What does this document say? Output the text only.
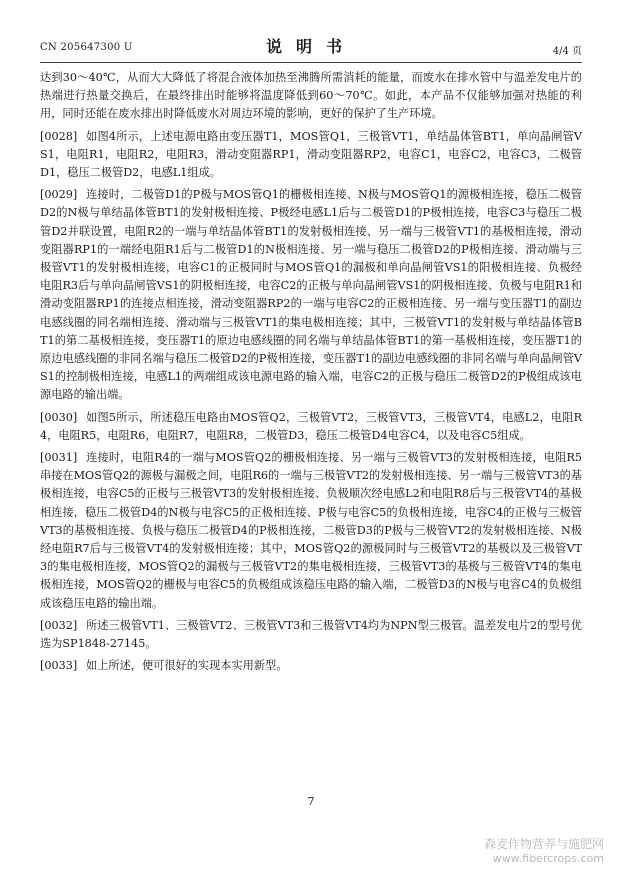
CN 205647300 U	说明书	4/4 页

达到30～40℃，从而大大降低了将混合液体加热至沸腾所需消耗的能量，而废水在排水管中与温差发电片的热端进行热量交换后，在最终排出时能够将温度降低到60～70℃。如此，本产品不仅能够加强对热能的利用，同时还能在废水排出时降低废水对周边环境的影响，更好的保护了生产环境。

[0028] 如图4所示，上述电源电路由变压器T1，MOS管Q1，三极管VT1，单结晶体管BT1，单向晶闸管VS1，电阻R1，电阻R2，电阻R3，滑动变阻器RP1，滑动变阻器RP2，电容C1，电容C2，电容C3，二极管D1，稳压二极管D2，电感L1组成。

[0029] 连接时，二极管D1的P极与MOS管Q1的栅极相连接、N极与MOS管Q1的源极相连接，稳压二极管D2的N极与单结晶体管BT1的发射极相连接、P极经电感L1后与二极管D1的P极相连接，电容C3与稳压二极管D2并联设置，电阻R2的一端与单结晶体管BT1的发射极相连接、另一端与三极管VT1的基极相连接，滑动变阻器RP1的一端经电阻R1后与二极管D1的N极相连接、另一端与稳压二极管D2的P极相连接、滑动端与三极管VT1的发射极相连接，电容C1的正极同时与MOS管Q1的漏极和单向晶闸管VS1的阳极相连接、负极经电阻R3后与单向晶闸管VS1的阴极相连接，电容C2的正极与单向晶闸管VS1的阴极相连接、负极与电阻R1和滑动变阻器RP1的连接点相连接，滑动变阻器RP2的一端与电容C2的正极相连接、另一端与变压器T1的副边电感线圈的同名端相连接、滑动端与三极管VT1的集电极相连接；其中，三极管VT1的发射极与单结晶体管BT1的第二基极相连接，变压器T1的原边电感线圈的同名端与单结晶体管BT1的第一基极相连接，变压器T1的原边电感线圈的非同名端与稳压二极管D2的P极相连接，变压器T1的副边电感线圈的非同名端与单向晶闸管VS1的控制极相连接，电感L1的两端组成该电源电路的输入端，电容C2的正极与稳压二极管D2的P极组成该电源电路的输出端。

[0030] 如图5所示，所述稳压电路由MOS管Q2，三极管VT2，三极管VT3，三极管VT4，电感L2，电阻R4，电阻R5，电阻R6，电阻R7，电阻R8，二极管D3，稳压二极管D4电容C4，以及电容C5组成。

[0031] 连接时，电阻R4的一端与MOS管Q2的栅极相连接、另一端与三极管VT3的发射极相连接，电阻R5串接在MOS管Q2的源极与漏极之间，电阻R6的一端与三极管VT2的发射极相连接、另一端与三极管VT3的基极相连接，电容C5的正极与三极管VT3的发射极相连接、负极顺次经电感L2和电阻R8后与三极管VT4的基极相连接，稳压二极管D4的N极与电容C5的正极相连接、P极与电容C5的负极相连接，电容C4的正极与三极管VT3的基极相连接、负极与稳压二极管D4的P极相连接，二极管D3的P极与三极管VT2的发射极相连接、N极经电阻R7后与三极管VT4的发射极相连接；其中，MOS管Q2的源极同时与三极管VT2的基极以及三极管VT3的集电极相连接，MOS管Q2的漏极与三极管VT2的集电极相连接，三极管VT3的基极与三极管VT4的集电极相连接，MOS管Q2的栅极与电容C5的负极组成该稳压电路的输入端，二极管D3的N极与电容C4的负极组成该稳压电路的输出端。

[0032] 所述三极管VT1、三极管VT2、三极管VT3和三极管VT4均为NPN型三极管。温差发电片2的型号优选为SP1848-27145。

[0033] 如上所述，便可很好的实现本实用新型。

7
森麦作物营养与施肥网
www.fibercrops.com
